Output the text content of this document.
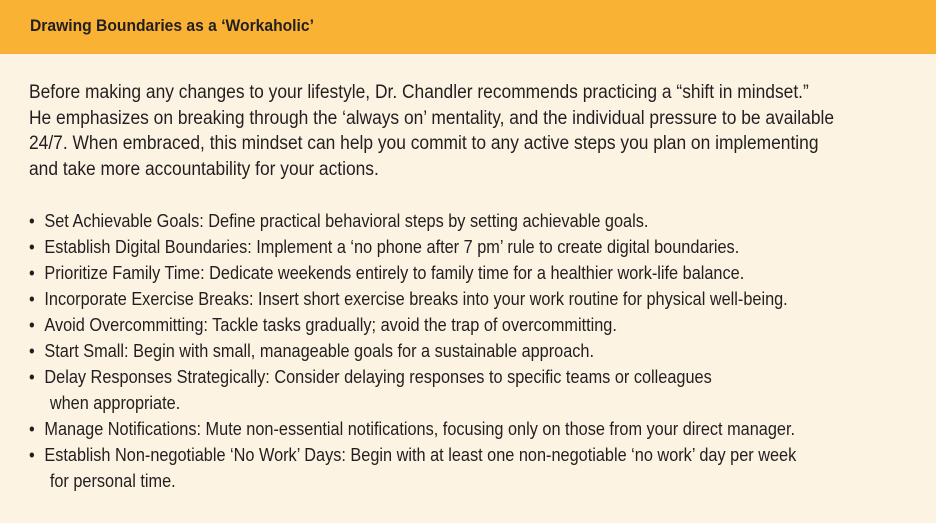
Drawing Boundaries as a ‘Workaholic’
Before making any changes to your lifestyle, Dr. Chandler recommends practicing a “shift in mindset.”
He emphasizes on breaking through the ‘always on’ mentality, and the individual pressure to be available
24/7. When embraced, this mindset can help you commit to any active steps you plan on implementing
and take more accountability for your actions.
• Set Achievable Goals: Define practical behavioral steps by setting achievable goals.
• Establish Digital Boundaries: Implement a ‘no phone after 7 pm’ rule to create digital boundaries.
• Prioritize Family Time: Dedicate weekends entirely to family time for a healthier work-life balance.
• Incorporate Exercise Breaks: Insert short exercise breaks into your work routine for physical well-being.
• Avoid Overcommitting: Tackle tasks gradually; avoid the trap of overcommitting.
• Start Small: Begin with small, manageable goals for a sustainable approach.
• Delay Responses Strategically: Consider delaying responses to specific teams or colleagues
when appropriate.
• Manage Notifications: Mute non-essential notifications, focusing only on those from your direct manager.
• Establish Non-negotiable ‘No Work’ Days: Begin with at least one non-negotiable ‘no work’ day per week
for personal time.
